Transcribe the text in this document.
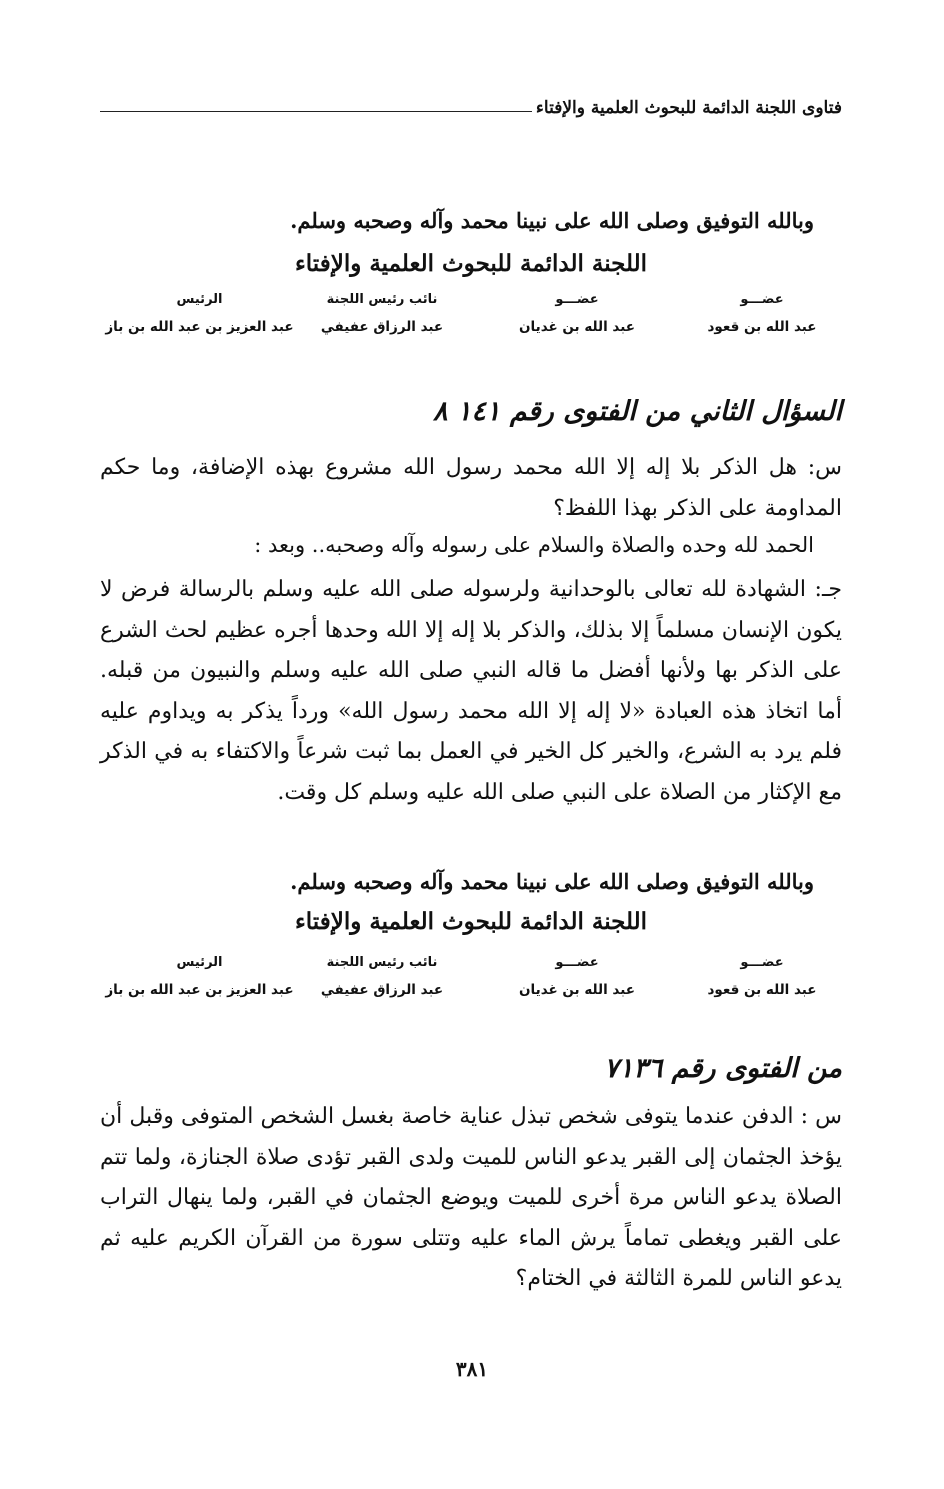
فتاوى اللجنة الدائمة للبحوث العلمية والإفتاء
وبالله التوفيق وصلى الله على نبينا محمد وآله وصحبه وسلم.
اللجنة الدائمة للبحوث العلمية والإفتاء
عضـــو
عبد الله بن قعود
عضـــو
عبد الله بن غديان
نائب رئيس اللجنة
عبد الرزاق عفيفي
الرئيس
عبد العزيز بن عبد الله بن باز
السؤال الثاني من الفتوى رقم ١٤١ ٨
س: هل الذكر بلا إله إلا الله محمد رسول الله مشروع بهذه الإضافة، وما حكم المداومة على الذكر بهذا اللفظ؟
الحمد لله وحده والصلاة والسلام على رسوله وآله وصحبه.. وبعد :
جـ: الشهادة لله تعالى بالوحدانية ولرسوله صلى الله عليه وسلم بالرسالة فرض لا يكون الإنسان مسلماً إلا بذلك، والذكر بلا إله إلا الله وحدها أجره عظيم لحث الشرع على الذكر بها ولأنها أفضل ما قاله النبي صلى الله عليه وسلم والنبيون من قبله. أما اتخاذ هذه العبادة «لا إله إلا الله محمد رسول الله» ورداً يذكر به ويداوم عليه فلم يرد به الشرع، والخير كل الخير في العمل بما ثبت شرعاً والاكتفاء به في الذكر مع الإكثار من الصلاة على النبي صلى الله عليه وسلم كل وقت.
وبالله التوفيق وصلى الله على نبينا محمد وآله وصحبه وسلم.
اللجنة الدائمة للبحوث العلمية والإفتاء
عضـــو
عبد الله بن قعود
عضـــو
عبد الله بن غديان
نائب رئيس اللجنة
عبد الرزاق عفيفي
الرئيس
عبد العزيز بن عبد الله بن باز
من الفتوى رقم ٧١٣٦
س : الدفن عندما يتوفى شخص تبذل عناية خاصة بغسل الشخص المتوفى وقبل أن يؤخذ الجثمان إلى القبر يدعو الناس للميت ولدى القبر تؤدى صلاة الجنازة، ولما تتم الصلاة يدعو الناس مرة أخرى للميت ويوضع الجثمان في القبر، ولما ينهال التراب على القبر ويغطى تماماً يرش الماء عليه وتتلى سورة من القرآن الكريم عليه ثم يدعو الناس للمرة الثالثة في الختام؟
٣٨١
